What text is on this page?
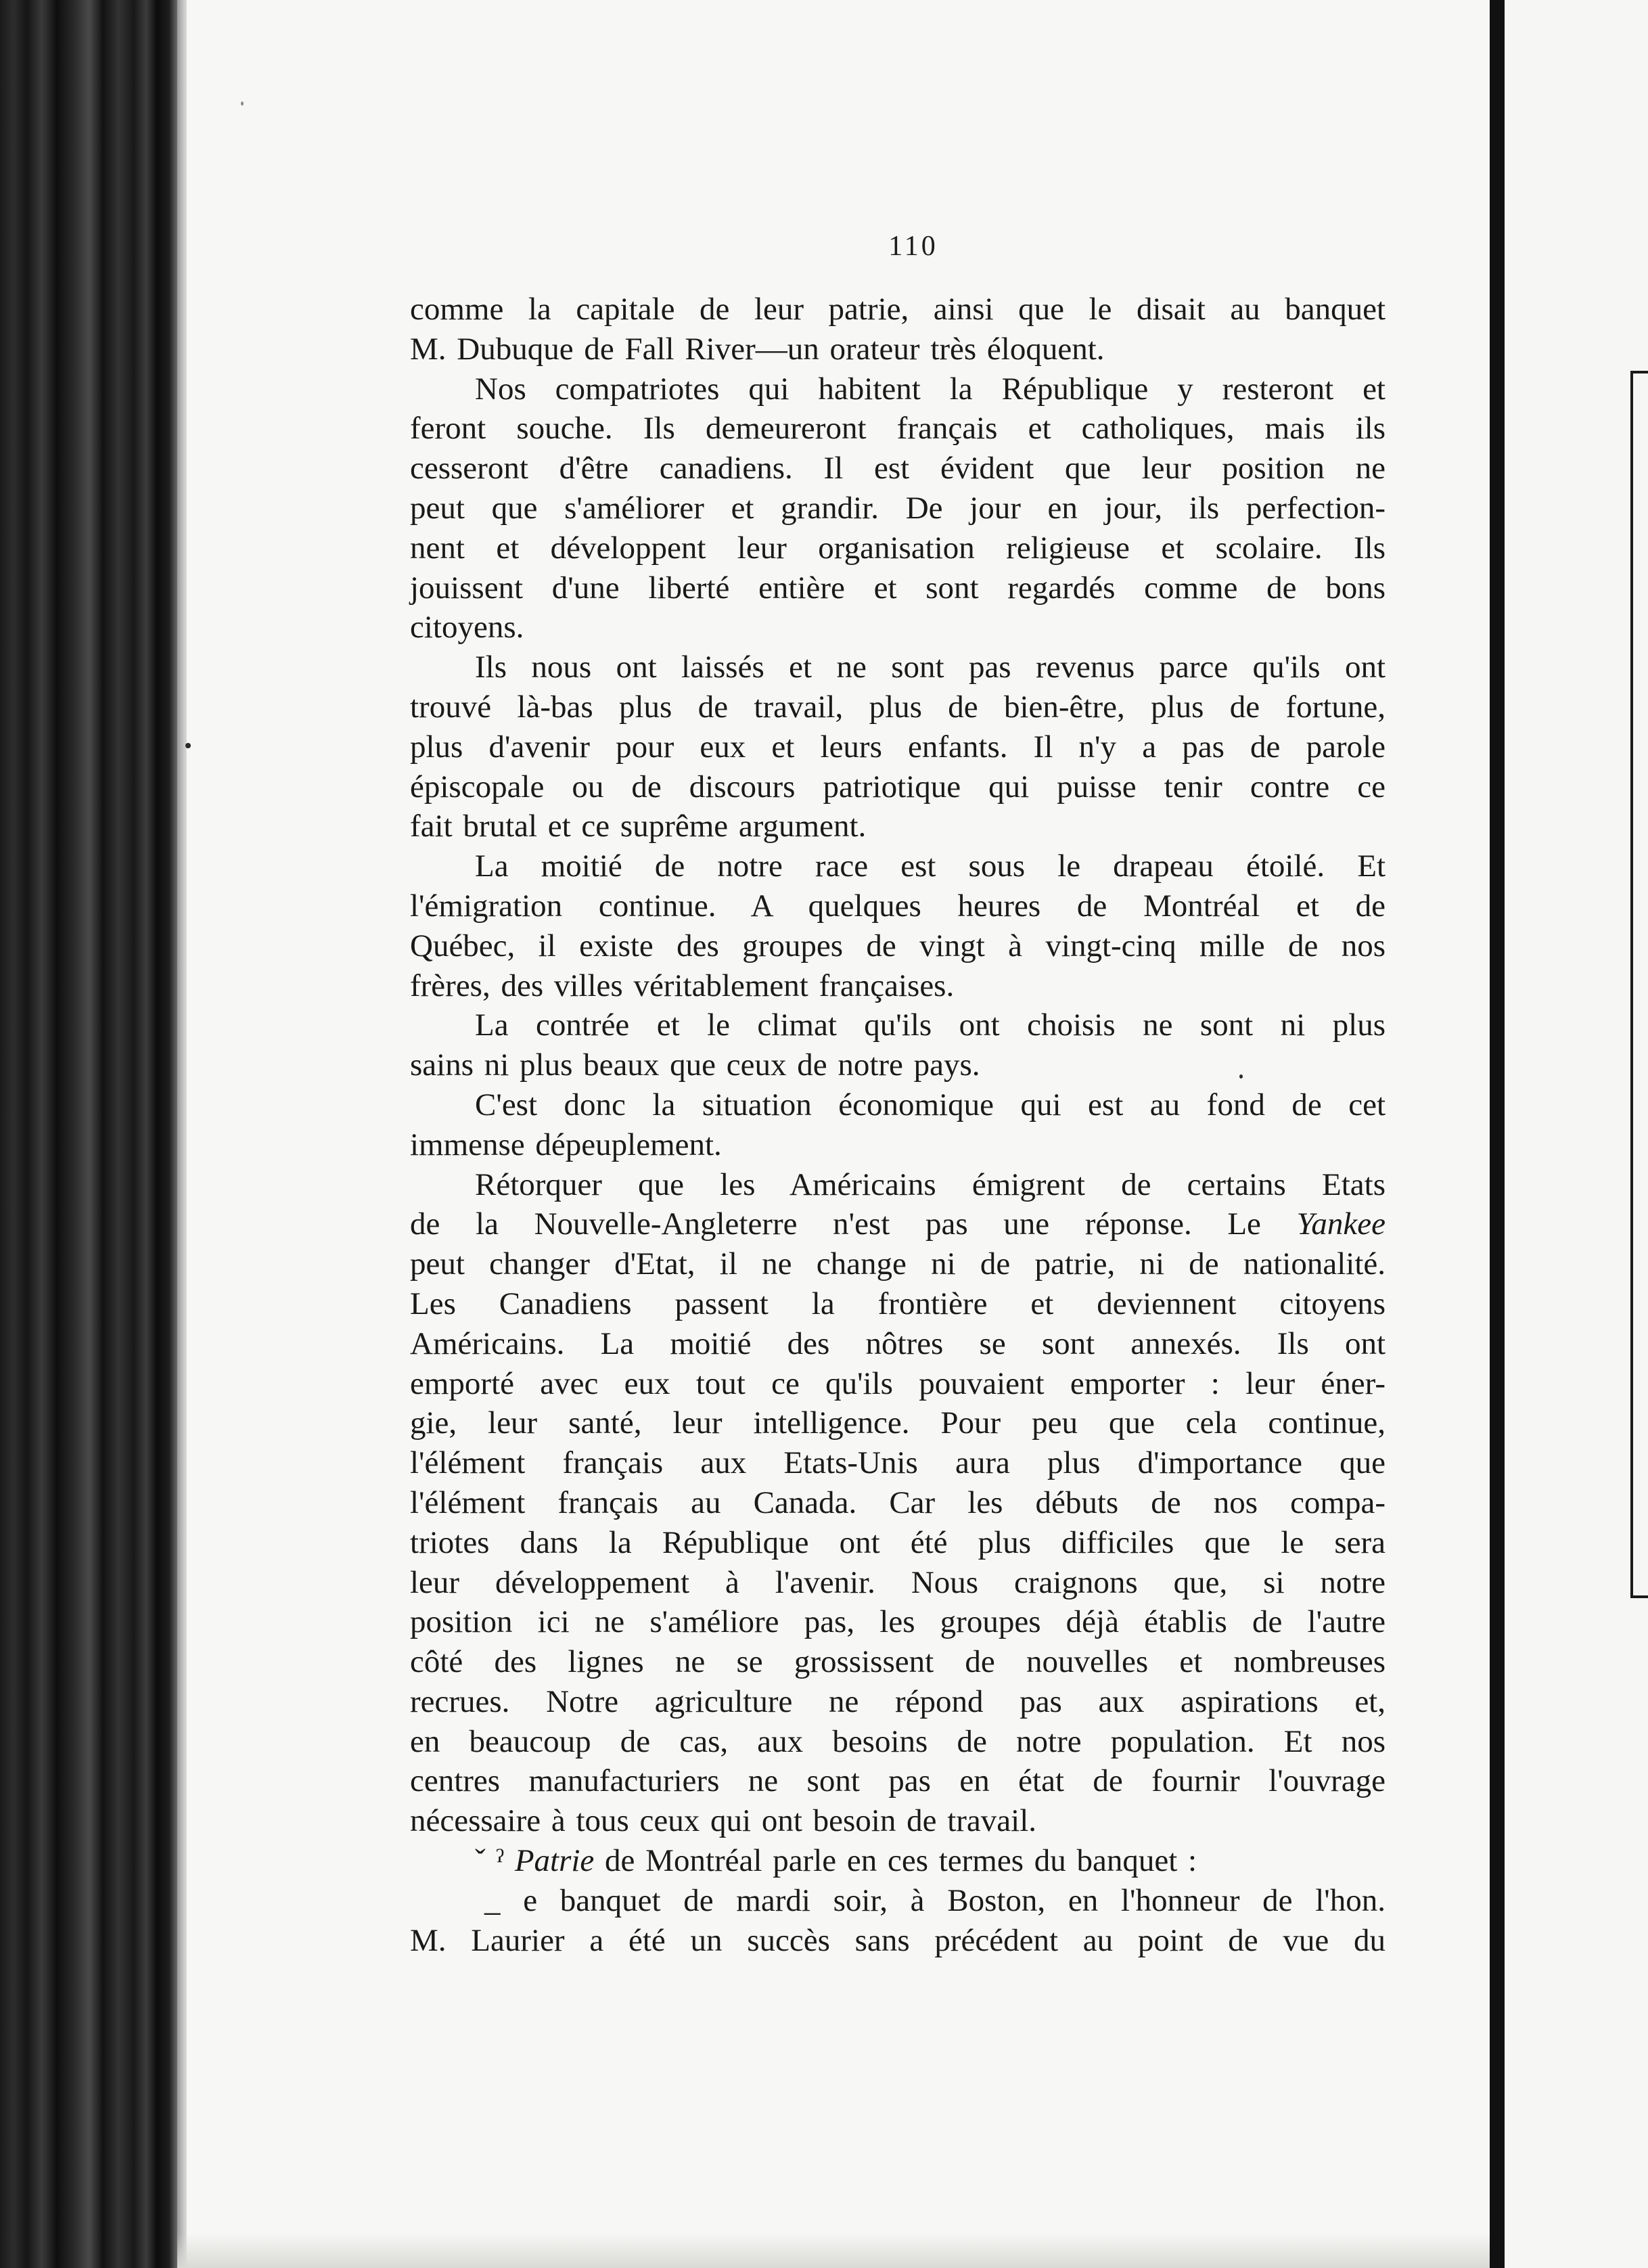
110
comme la capitale de leur patrie, ainsi que le disait au banquet
M. Dubuque de Fall River—un orateur très éloquent.
Nos compatriotes qui habitent la République y resteront et
feront souche. Ils demeureront français et catholiques, mais ils
cesseront d'être canadiens. Il est évident que leur position ne
peut que s'améliorer et grandir. De jour en jour, ils perfection-
nent et développent leur organisation religieuse et scolaire. Ils
jouissent d'une liberté entière et sont regardés comme de bons
citoyens.
Ils nous ont laissés et ne sont pas revenus parce qu'ils ont
trouvé là-bas plus de travail, plus de bien-être, plus de fortune,
plus d'avenir pour eux et leurs enfants. Il n'y a pas de parole
épiscopale ou de discours patriotique qui puisse tenir contre ce
fait brutal et ce suprême argument.
La moitié de notre race est sous le drapeau étoilé. Et
l'émigration continue. A quelques heures de Montréal et de
Québec, il existe des groupes de vingt à vingt-cinq mille de nos
frères, des villes véritablement françaises.
La contrée et le climat qu'ils ont choisis ne sont ni plus
sains ni plus beaux que ceux de notre pays.
C'est donc la situation économique qui est au fond de cet
immense dépeuplement.
Rétorquer que les Américains émigrent de certains Etats
de la Nouvelle-Angleterre n'est pas une réponse. Le Yankee
peut changer d'Etat, il ne change ni de patrie, ni de nationalité.
Les Canadiens passent la frontière et deviennent citoyens
Américains. La moitié des nôtres se sont annexés. Ils ont
emporté avec eux tout ce qu'ils pouvaient emporter : leur éner-
gie, leur santé, leur intelligence. Pour peu que cela continue,
l'élément français aux Etats-Unis aura plus d'importance que
l'élément français au Canada. Car les débuts de nos compa-
triotes dans la République ont été plus difficiles que le sera
leur développement à l'avenir. Nous craignons que, si notre
position ici ne s'améliore pas, les groupes déjà établis de l'autre
côté des lignes ne se grossissent de nouvelles et nombreuses
recrues. Notre agriculture ne répond pas aux aspirations et,
en beaucoup de cas, aux besoins de notre population. Et nos
centres manufacturiers ne sont pas en état de fournir l'ouvrage
nécessaire à tous ceux qui ont besoin de travail.
ˇ ˀ Patrie de Montréal parle en ces termes du banquet :
_ e banquet de mardi soir, à Boston, en l'honneur de l'hon.
M. Laurier a été un succès sans précédent au point de vue du
